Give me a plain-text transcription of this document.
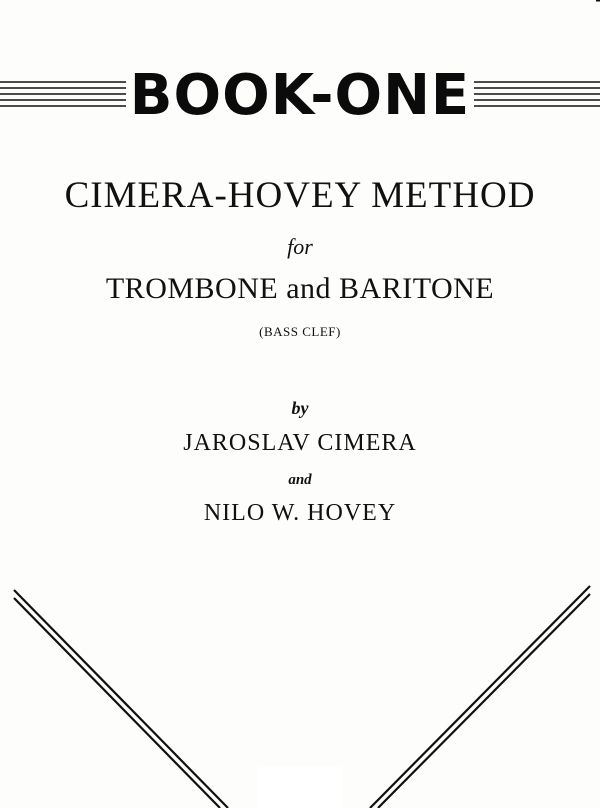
BOOK-ONE
CIMERA-HOVEY METHOD
for
TROMBONE and BARITONE
(BASS CLEF)
by
JAROSLAV CIMERA
and
NILO W. HOVEY
